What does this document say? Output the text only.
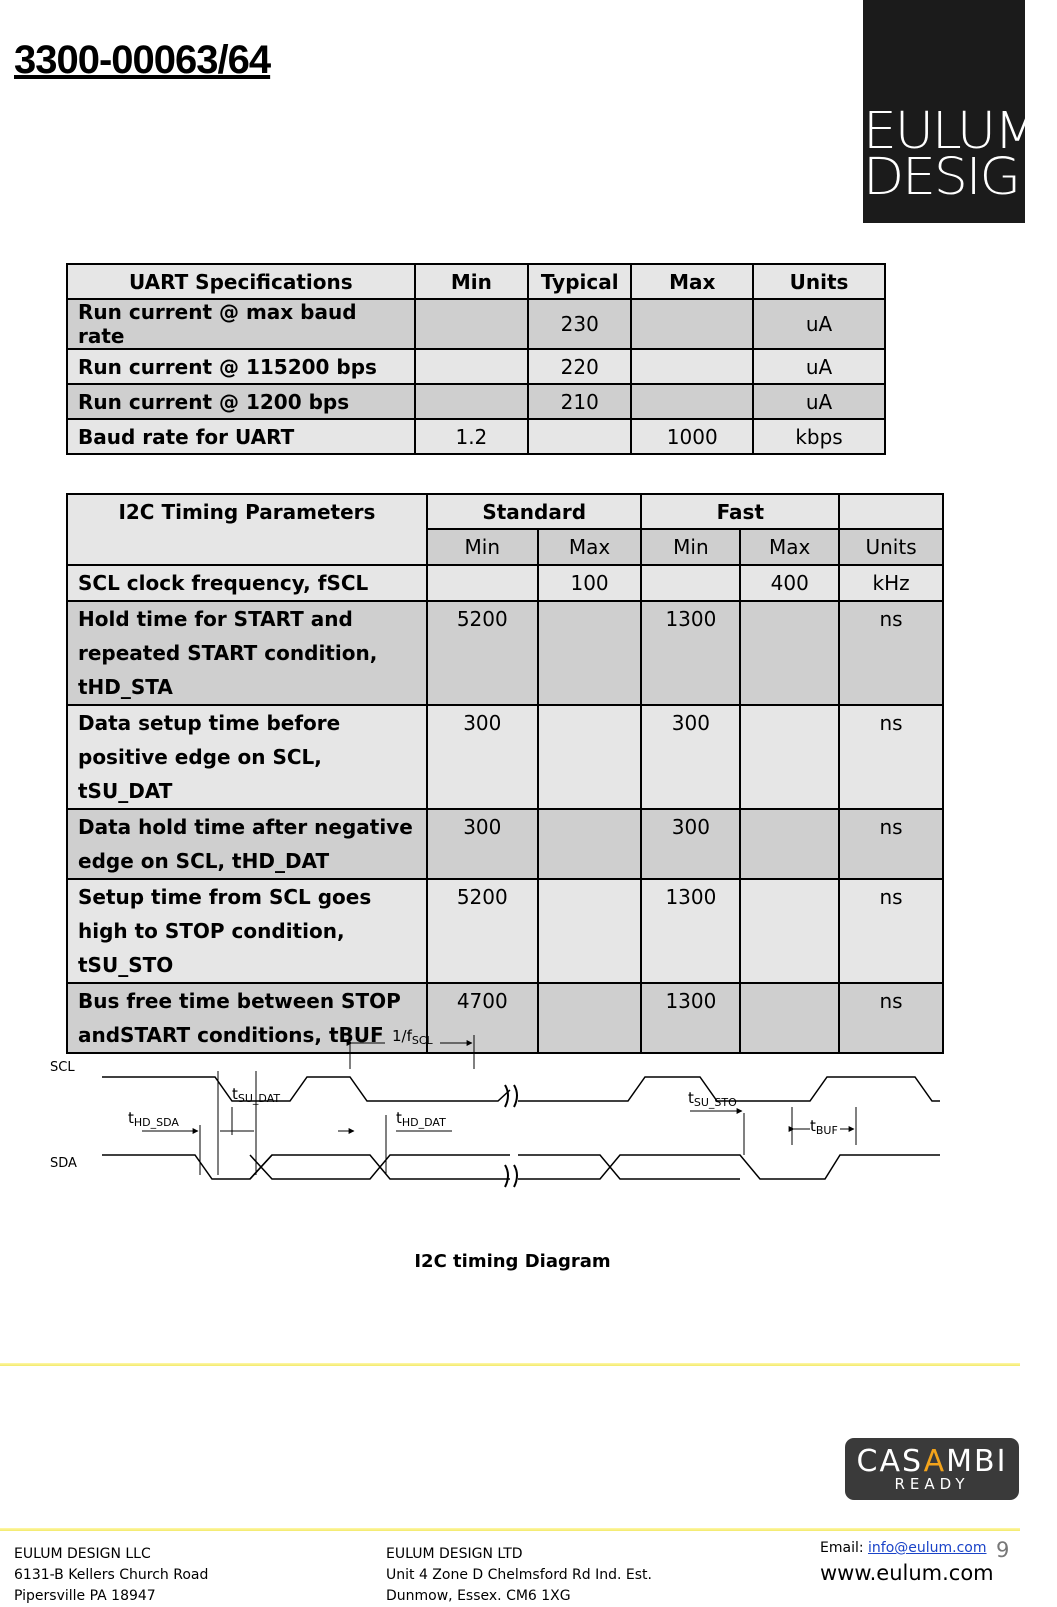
3300-00063/64
EULUM
DESIGN
UART Specifications	Min	Typical	Max	Units
Run current @ max baud rate		230		uA
Run current @ 115200 bps		220		uA
Run current @ 1200 bps		210		uA
Baud rate for UART	1.2		1000	kbps
I2C Timing Parameters	Standard		Fast		
	Min	Max	Min	Max	Units
SCL clock frequency, fSCL		100		400	kHz
Hold time for START and repeated START condition, tHD_STA	5200		1300		ns
Data setup time before positive edge on SCL, tSU_DAT	300		300		ns
Data hold time after negative edge on SCL, tHD_DAT	300		300		ns
Setup time from SCL goes high to STOP condition, tSU_STO	5200		1300		ns
Bus free time between STOP andSTART conditions, tBUF	4700		1300		ns
SCL
SDA
$1/f_{SCL}$
$t_{SU\_DAT}$
$t_{HD\_SDA}$	$t_{HD\_DAT}$
$t_{SU\_STO}$
$t_{BUF}$
I2C timing Diagram
CASAMBI
READY
EULUM DESIGN LLC
6131-B Kellers Church Road
Pipersville PA 18947
EULUM DESIGN LTD
Unit 4 Zone D Chelmsford Rd Ind. Est.
Dunmow, Essex. CM6 1XG
Email: info@eulum.com
www.eulum.com
9
